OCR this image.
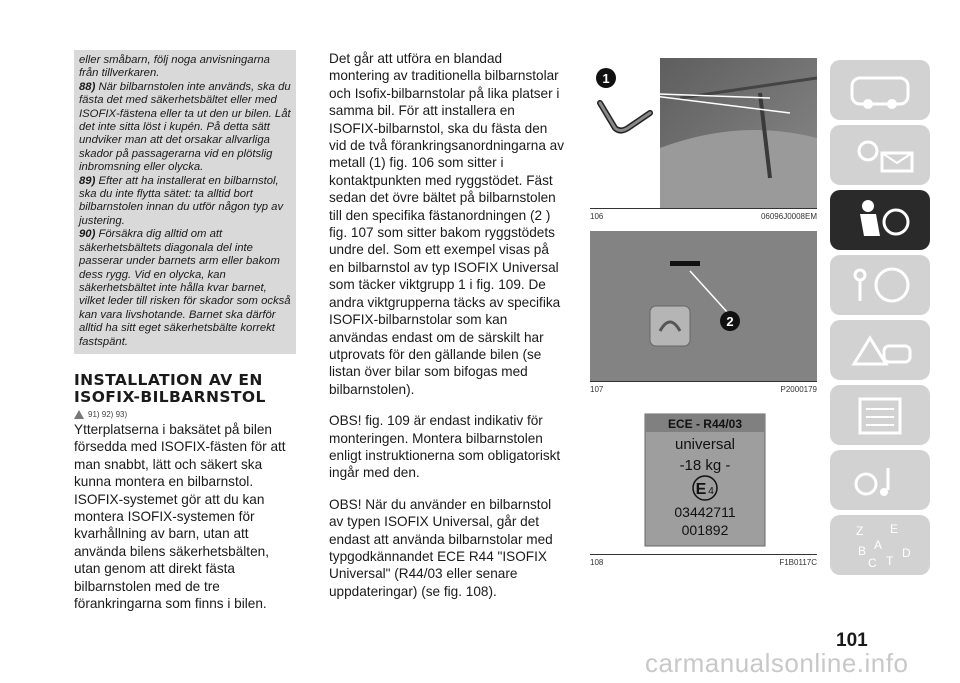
eller småbarn, följ noga anvisningarna från tillverkaren.

88) När bilbarnstolen inte används, ska du fästa det med säkerhetsbältet eller med ISOFIX-fästena eller ta ut den ur bilen. Låt det inte sitta löst i kupén. På detta sätt undviker man att det orsakar allvarliga skador på passagerarna vid en plötslig inbromsning eller olycka.

89) Efter att ha installerat en bilbarnstol, ska du inte flytta sätet: ta alltid bort bilbarnstolen innan du utför någon typ av justering.

90) Försäkra dig alltid om att säkerhetsbältets diagonala del inte passerar under barnets arm eller bakom dess rygg. Vid en olycka, kan säkerhetsbältet inte hålla kvar barnet, vilket leder till risken för skador som också kan vara livshotande. Barnet ska därför alltid ha sitt eget säkerhetsbälte korrekt fastspänt.

INSTALLATION AV EN ISOFIX-BILBARNSTOL
91) 92) 93)

Ytterplatserna i baksätet på bilen försedda med ISOFIX-fästen för att man snabbt, lätt och säkert ska kunna montera en bilbarnstol. ISOFIX-systemet gör att du kan montera ISOFIX-systemen för kvarhållning av barn, utan att använda bilens säkerhetsbälten, utan genom att direkt fästa bilbarnstolen med de tre förankringarna som finns i bilen.

Det går att utföra en blandad montering av traditionella bilbarnstolar och Isofix-bilbarnstolar på lika platser i samma bil. För att installera en ISOFIX-bilbarnstol, ska du fästa den vid de två förankringsanordningarna av metall (1) fig. 106 som sitter i kontaktpunkten med ryggstödet. Fäst sedan det övre bältet på bilbarnstolen till den specifika fästanordningen (2 ) fig. 107 som sitter bakom ryggstödets undre del. Som ett exempel visas på en bilbarnstol av typ ISOFIX Universal som täcker viktgrupp 1 i fig. 109. De andra viktgrupperna täcks av specifika ISOFIX-bilbarnstolar som kan användas endast om de särskilt har utprovats för den gällande bilen (se listan över bilar som bifogas med bilbarnstolen).

OBS! fig. 109 är endast indikativ för monteringen. Montera bilbarnstolen enligt instruktionerna som obligatoriskt ingår med den.

OBS! När du använder en bilbarnstol av typen ISOFIX Universal, går det endast att använda bilbarnstolar med typgodkännandet ECE R44 "ISOFIX Universal" (R44/03 eller senare uppdateringar) (se fig. 108).

1
106	06096J0008EM
2
107	P2000179
ECE - R44/03
universal
-18 kg -
E 4
03442711
001892
108	F1B0117C
Z E
A
B
C T
D
101
carmanualsonline.info
